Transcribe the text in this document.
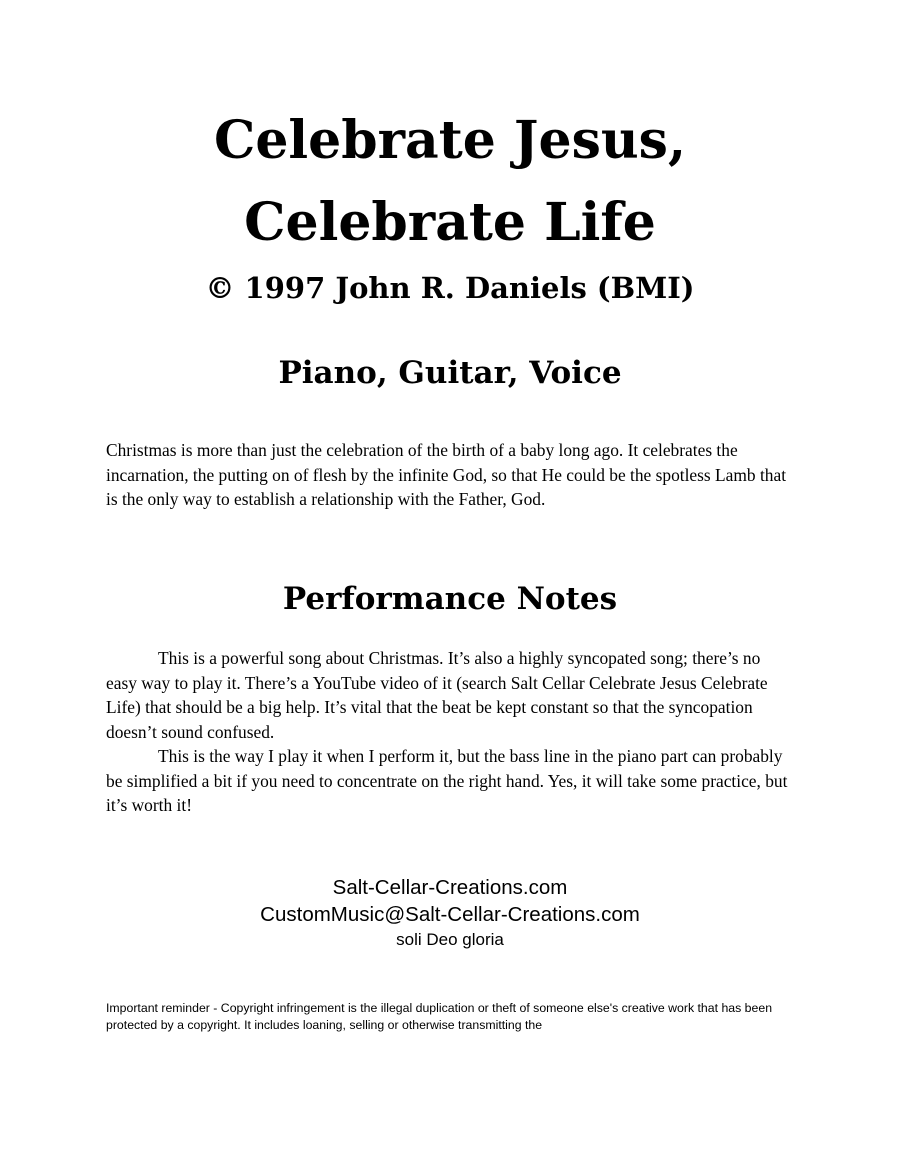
Celebrate Jesus,
Celebrate Life
© 1997 John R. Daniels (BMI)
Piano, Guitar, Voice

Christmas is more than just the celebration of the birth of a baby long ago. It celebrates the incarnation, the putting on of flesh by the infinite God, so that He could be the spotless Lamb that is the only way to establish a relationship with the Father, God.

Performance Notes

This is a powerful song about Christmas. It’s also a highly syncopated song; there’s no easy way to play it. There’s a YouTube video of it (search Salt Cellar Celebrate Jesus Celebrate Life) that should be a big help. It’s vital that the beat be kept constant so that the syncopation doesn’t sound confused.

This is the way I play it when I perform it, but the bass line in the piano part can probably be simplified a bit if you need to concentrate on the right hand. Yes, it will take some practice, but it’s worth it!

Salt-Cellar-Creations.com
CustomMusic@Salt-Cellar-Creations.com
soli Deo gloria

Important reminder - Copyright infringement is the illegal duplication or theft of someone else's creative work that has been protected by a copyright. It includes loaning, selling or otherwise transmitting the
